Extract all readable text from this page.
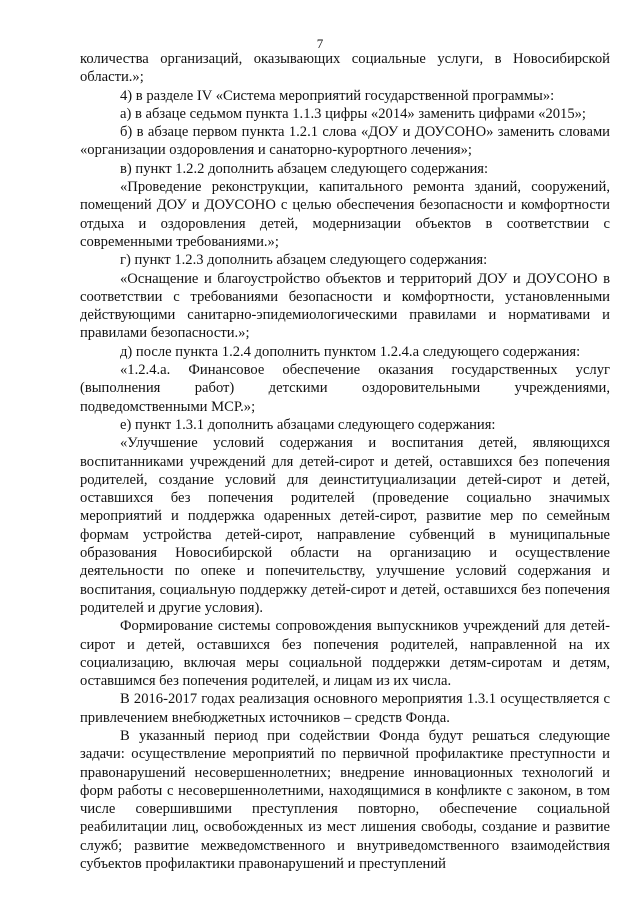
7

количества организаций, оказывающих социальные услуги, в Новосибирской области.»;

4) в разделе IV «Система мероприятий государственной программы»:

а) в абзаце седьмом пункта 1.1.3 цифры «2014» заменить цифрами «2015»;

б) в абзаце первом пункта 1.2.1 слова «ДОУ и ДОУСОНО» заменить словами «организации оздоровления и санаторно-курортного лечения»;

в) пункт 1.2.2 дополнить абзацем следующего содержания:

«Проведение реконструкции, капитального ремонта зданий, сооружений, помещений ДОУ и ДОУСОНО с целью обеспечения безопасности и комфортности отдыха и оздоровления детей, модернизации объектов в соответствии с современными требованиями.»;

г) пункт 1.2.3 дополнить абзацем следующего содержания:

«Оснащение и благоустройство объектов и территорий ДОУ и ДОУСОНО в соответствии с требованиями безопасности и комфортности, установленными действующими санитарно-эпидемиологическими правилами и нормативами и правилами безопасности.»;

д) после пункта 1.2.4 дополнить пунктом 1.2.4.а следующего содержания:

«1.2.4.а. Финансовое обеспечение оказания государственных услуг (выполнения работ) детскими оздоровительными учреждениями, подведомственными МСР.»;

е) пункт 1.3.1 дополнить абзацами следующего содержания:

«Улучшение условий содержания и воспитания детей, являющихся воспитанниками учреждений для детей-сирот и детей, оставшихся без попечения родителей, создание условий для деинституциализации детей-сирот и детей, оставшихся без попечения родителей (проведение социально значимых мероприятий и поддержка одаренных детей-сирот, развитие мер по семейным формам устройства детей-сирот, направление субвенций в муниципальные образования Новосибирской области на организацию и осуществление деятельности по опеке и попечительству, улучшение условий содержания и воспитания, социальную поддержку детей-сирот и детей, оставшихся без попечения родителей и другие условия).

Формирование системы сопровождения выпускников учреждений для детей-сирот и детей, оставшихся без попечения родителей, направленной на их социализацию, включая меры социальной поддержки детям-сиротам и детям, оставшимся без попечения родителей, и лицам из их числа.

В 2016-2017 годах реализация основного мероприятия 1.3.1 осуществляется с привлечением внебюджетных источников – средств Фонда.

В указанный период при содействии Фонда будут решаться следующие задачи: осуществление мероприятий по первичной профилактике преступности и правонарушений несовершеннолетних; внедрение инновационных технологий и форм работы с несовершеннолетними, находящимися в конфликте с законом, в том числе совершившими преступления повторно, обеспечение социальной реабилитации лиц, освобожденных из мест лишения свободы, создание и развитие служб; развитие межведомственного и внутриведомственного взаимодействия субъектов профилактики правонарушений и преступлений
